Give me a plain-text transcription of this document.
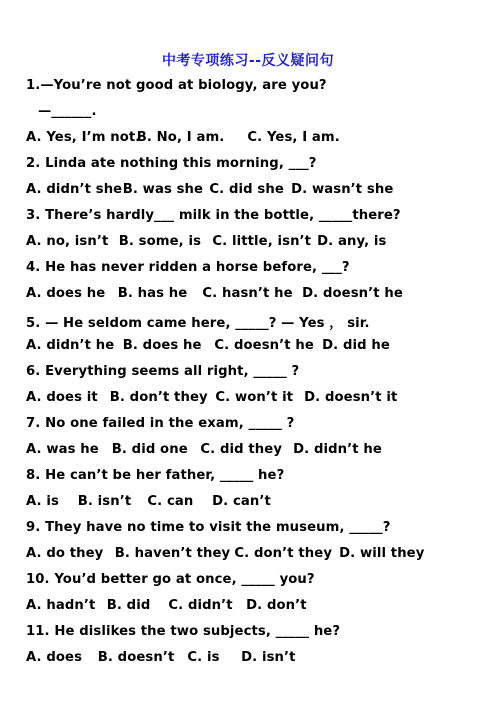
中考专项练习--反义疑问句
1.—You’re not good at biology, are you?
—______.
A. Yes, I’m not. B. No, I am. C. Yes, I am.
2. Linda ate nothing this morning, ___?
A. didn’t she B. was she C. did she D. wasn’t she
3. There’s hardly___ milk in the bottle, _____there?
A. no, isn’t B. some, is C. little, isn’t D. any, is
4. He has never ridden a horse before, ___?
A. does he B. has he C. hasn’t he D. doesn’t he
5. — He seldom came here, _____? — Yes ， sir.
A. didn’t he B. does he C. doesn’t he D. did he
6. Everything seems all right, _____ ?
A. does it B. don’t they C. won’t it D. doesn’t it
7. No one failed in the exam, _____ ?
A. was he B. did one C. did they D. didn’t he
8. He can’t be her father, _____ he?
A. is B. isn’t C. can D. can’t
9. They have no time to visit the museum, _____?
A. do they B. haven’t they C. don’t they D. will they
10. You’d better go at once, _____ you?
A. hadn’t B. did C. didn’t D. don’t
11. He dislikes the two subjects, _____ he?
A. does B. doesn’t C. is D. isn’t
